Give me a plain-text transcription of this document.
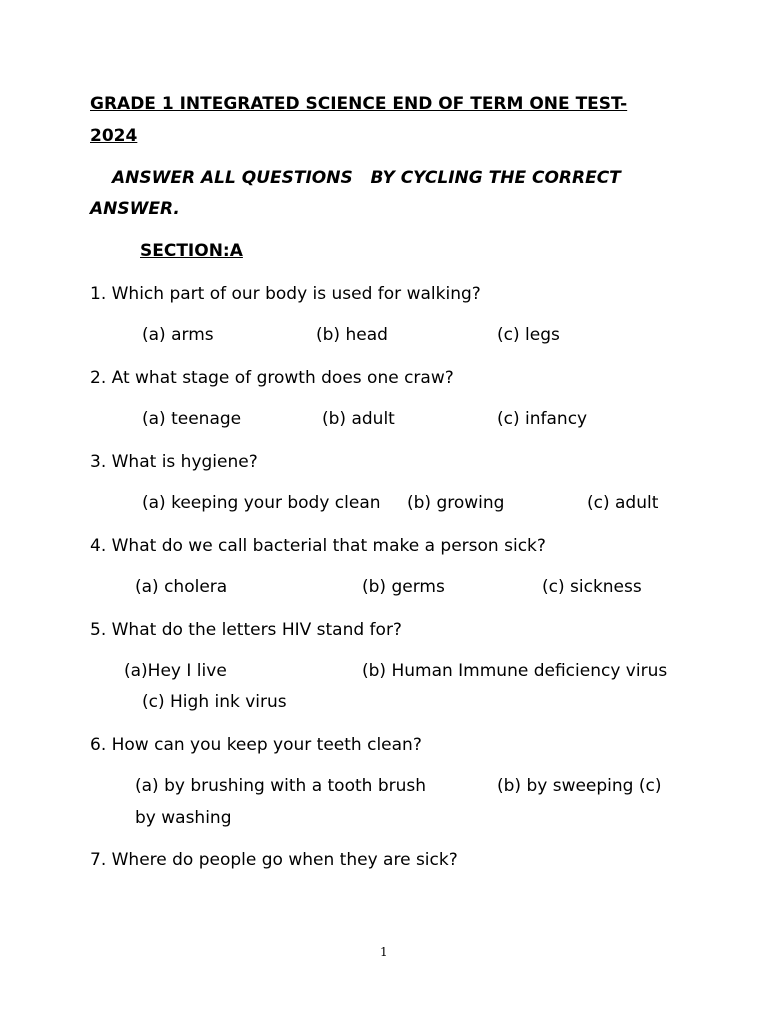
GRADE 1 INTEGRATED SCIENCE END OF TERM ONE TEST-
2024
ANSWER ALL QUESTIONS   BY CYCLING THE CORRECT
ANSWER.
SECTION:A
1. Which part of our body is used for walking?
(a) arms	(b) head	(c) legs
2. At what stage of growth does one craw?
(a) teenage	(b) adult	(c) infancy
3. What is hygiene?
(a) keeping your body clean (b) growing	(c) adult
4. What do we call bacterial that make a person sick?
(a) cholera	(b) germs	(c) sickness
5. What do the letters HIV stand for?
(a)Hey I live	(b) Human Immune deficiency virus
(c) High ink virus
6. How can you keep your teeth clean?
(a) by brushing with a tooth brush	(b) by sweeping (c)
by washing
7. Where do people go when they are sick?
1
